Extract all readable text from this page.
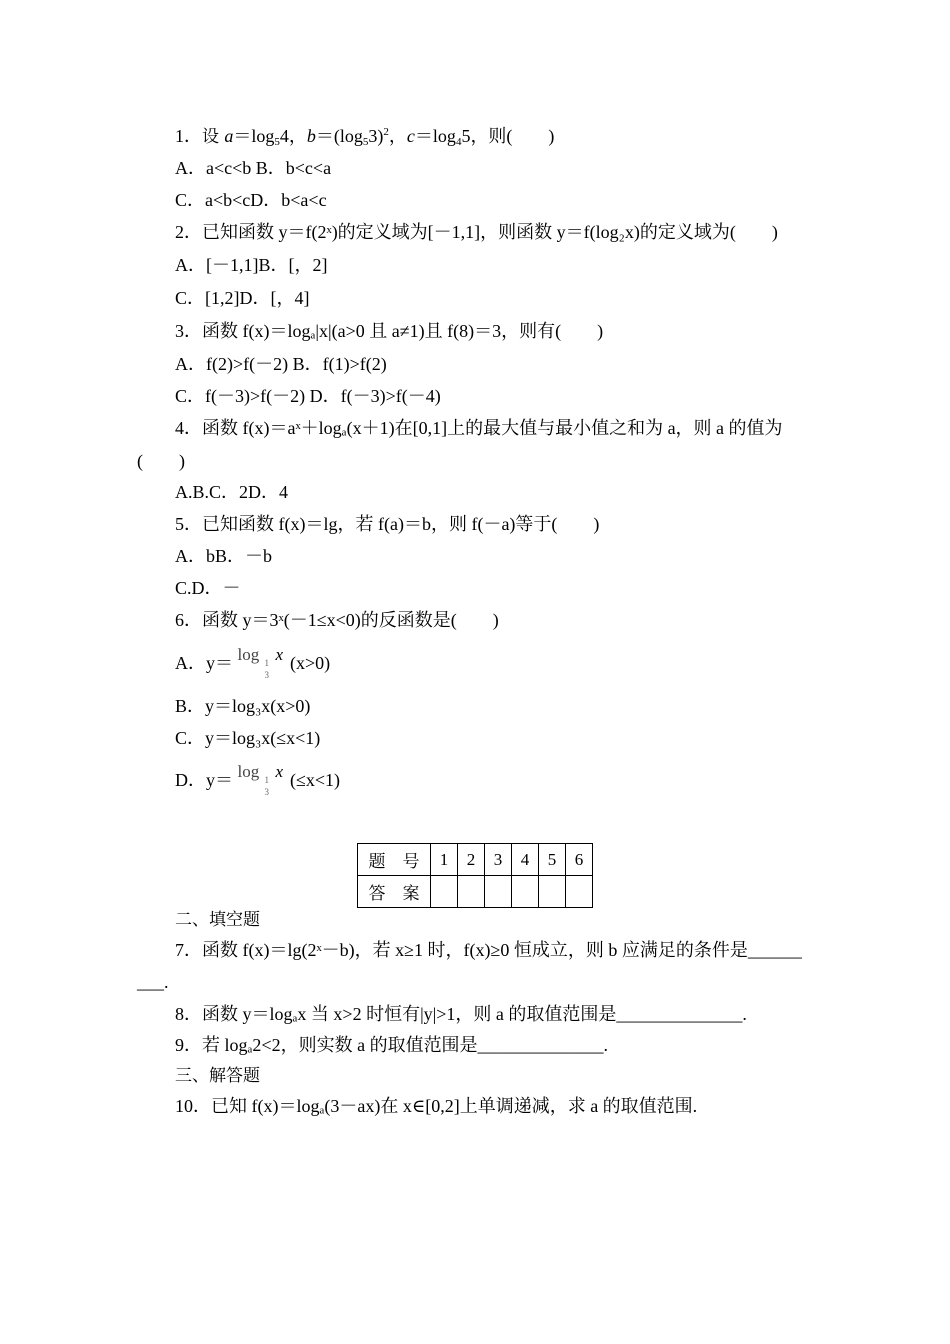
1．设 $a=\log_54$，$b=(\log_53)^2$，$c=\log_45$，则(　　)
A．a<c<b B．b<c<a
C．a<b<cD．b<a<c
2．已知函数 y＝f(2ˣ)的定义域为[－1,1]，则函数 y＝f(log₂x)的定义域为(　　)
A．[－1,1]B．[，2]
C．[1,2]D．[，4]
3．函数 f(x)＝logₐ|x|(a>0 且 a≠1)且 f(8)＝3，则有(　　)
A．f(2)>f(－2) B．f(1)>f(2)
C．f(－3)>f(－2) D．f(－3)>f(－4)
4．函数 f(x)＝aˣ＋logₐ(x＋1)在[0,1]上的最大值与最小值之和为 a，则 a 的值为
(　　)
A.B.C．2D．4
5．已知函数 f(x)＝lg，若 f(a)＝b，则 f(－a)等于(　　)
A．bB．－b
C.D．－
6．函数 y＝3ˣ(－1≤x<0)的反函数是(　　)
A．y＝ log 1
3
x (x>0)
B．y＝log₃x(x>0)
C．y＝log₃x(≤x<1)
D．y＝ log 1
3
x (≤x<1)
题　号	1	2	3	4	5	6
答　案						
二、填空题
7．函数 f(x)＝lg(2ˣ－b)，若 x≥1 时，f(x)≥0 恒成立，则 b 应满足的条件是______
___.
8．函数 y＝logₐx 当 x>2 时恒有|y|>1，则 a 的取值范围是______________.
9．若 logₐ2<2，则实数 a 的取值范围是______________.
三、解答题
10．已知 f(x)＝logₐ(3－ax)在 x∈[0,2]上单调递减，求 a 的取值范围.
